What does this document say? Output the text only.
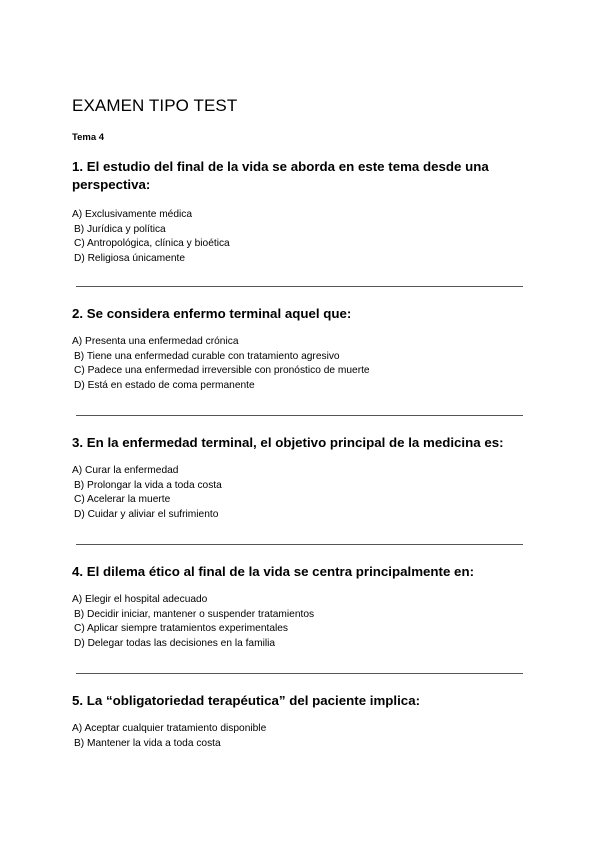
EXAMEN TIPO TEST
Tema 4

1. El estudio del final de la vida se aborda en este tema desde una perspectiva:

A) Exclusivamente médica
B) Jurídica y política
C) Antropológica, clínica y bioética
D) Religiosa únicamente

2. Se considera enfermo terminal aquel que:

A) Presenta una enfermedad crónica
B) Tiene una enfermedad curable con tratamiento agresivo
C) Padece una enfermedad irreversible con pronóstico de muerte
D) Está en estado de coma permanente

3. En la enfermedad terminal, el objetivo principal de la medicina es:

A) Curar la enfermedad
B) Prolongar la vida a toda costa
C) Acelerar la muerte
D) Cuidar y aliviar el sufrimiento

4. El dilema ético al final de la vida se centra principalmente en:

A) Elegir el hospital adecuado
B) Decidir iniciar, mantener o suspender tratamientos
C) Aplicar siempre tratamientos experimentales
D) Delegar todas las decisiones en la familia

5. La “obligatoriedad terapéutica” del paciente implica:

A) Aceptar cualquier tratamiento disponible
B) Mantener la vida a toda costa
